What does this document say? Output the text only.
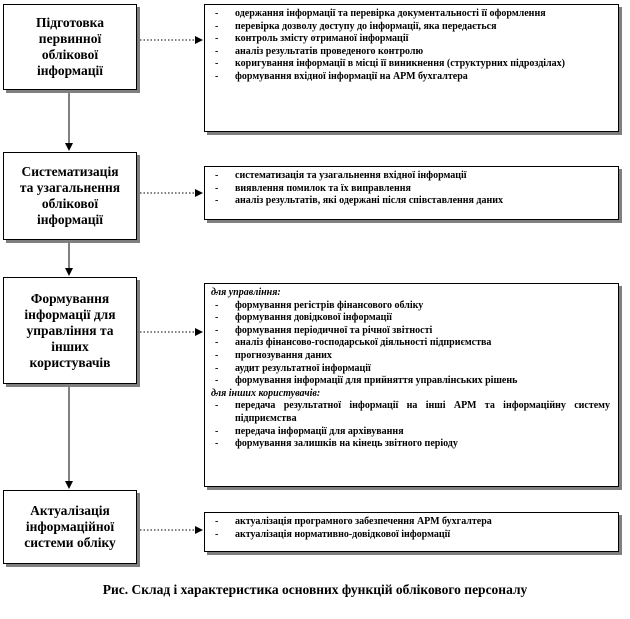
Підготовка
первинної
облікової
інформації
Систематизація
та узагальнення
облікової
інформації
Формування
інформації для
управління та
інших
користувачів
Актуалізація
інформаційної
системи обліку
- одержання інформації та перевірка документальності її оформлення
- перевірка дозволу доступу до інформації, яка передається
- контроль змісту отриманої інформації
- аналіз результатів проведеного контролю
- коригування інформації в місці її виникнення (структурних підрозділах)
- формування вхідної інформації на АРМ бухгалтера
- систематизація та узагальнення вхідної інформації
- виявлення помилок та їх виправлення
- аналіз результатів, які одержані після співставлення даних
- для управління:
- формування регістрів фінансового обліку
- формування довідкової інформації
- формування періодичної та річної звітності
- аналіз фінансово-господарської діяльності підприємства
- прогнозування даних
- аудит результатної інформації
- формування інформації для прийняття управлінських рішень
- для інших користувачів:
- передача результатної інформації на інші АРМ та інформаційну систему підприємства
- передача інформації для архівування
- формування залишків на кінець звітного періоду
- актуалізація програмного забезпечення АРМ бухгалтера
- актуалізація нормативно-довідкової інформації
Рис. Склад і характеристика основних функцій облікового персоналу
